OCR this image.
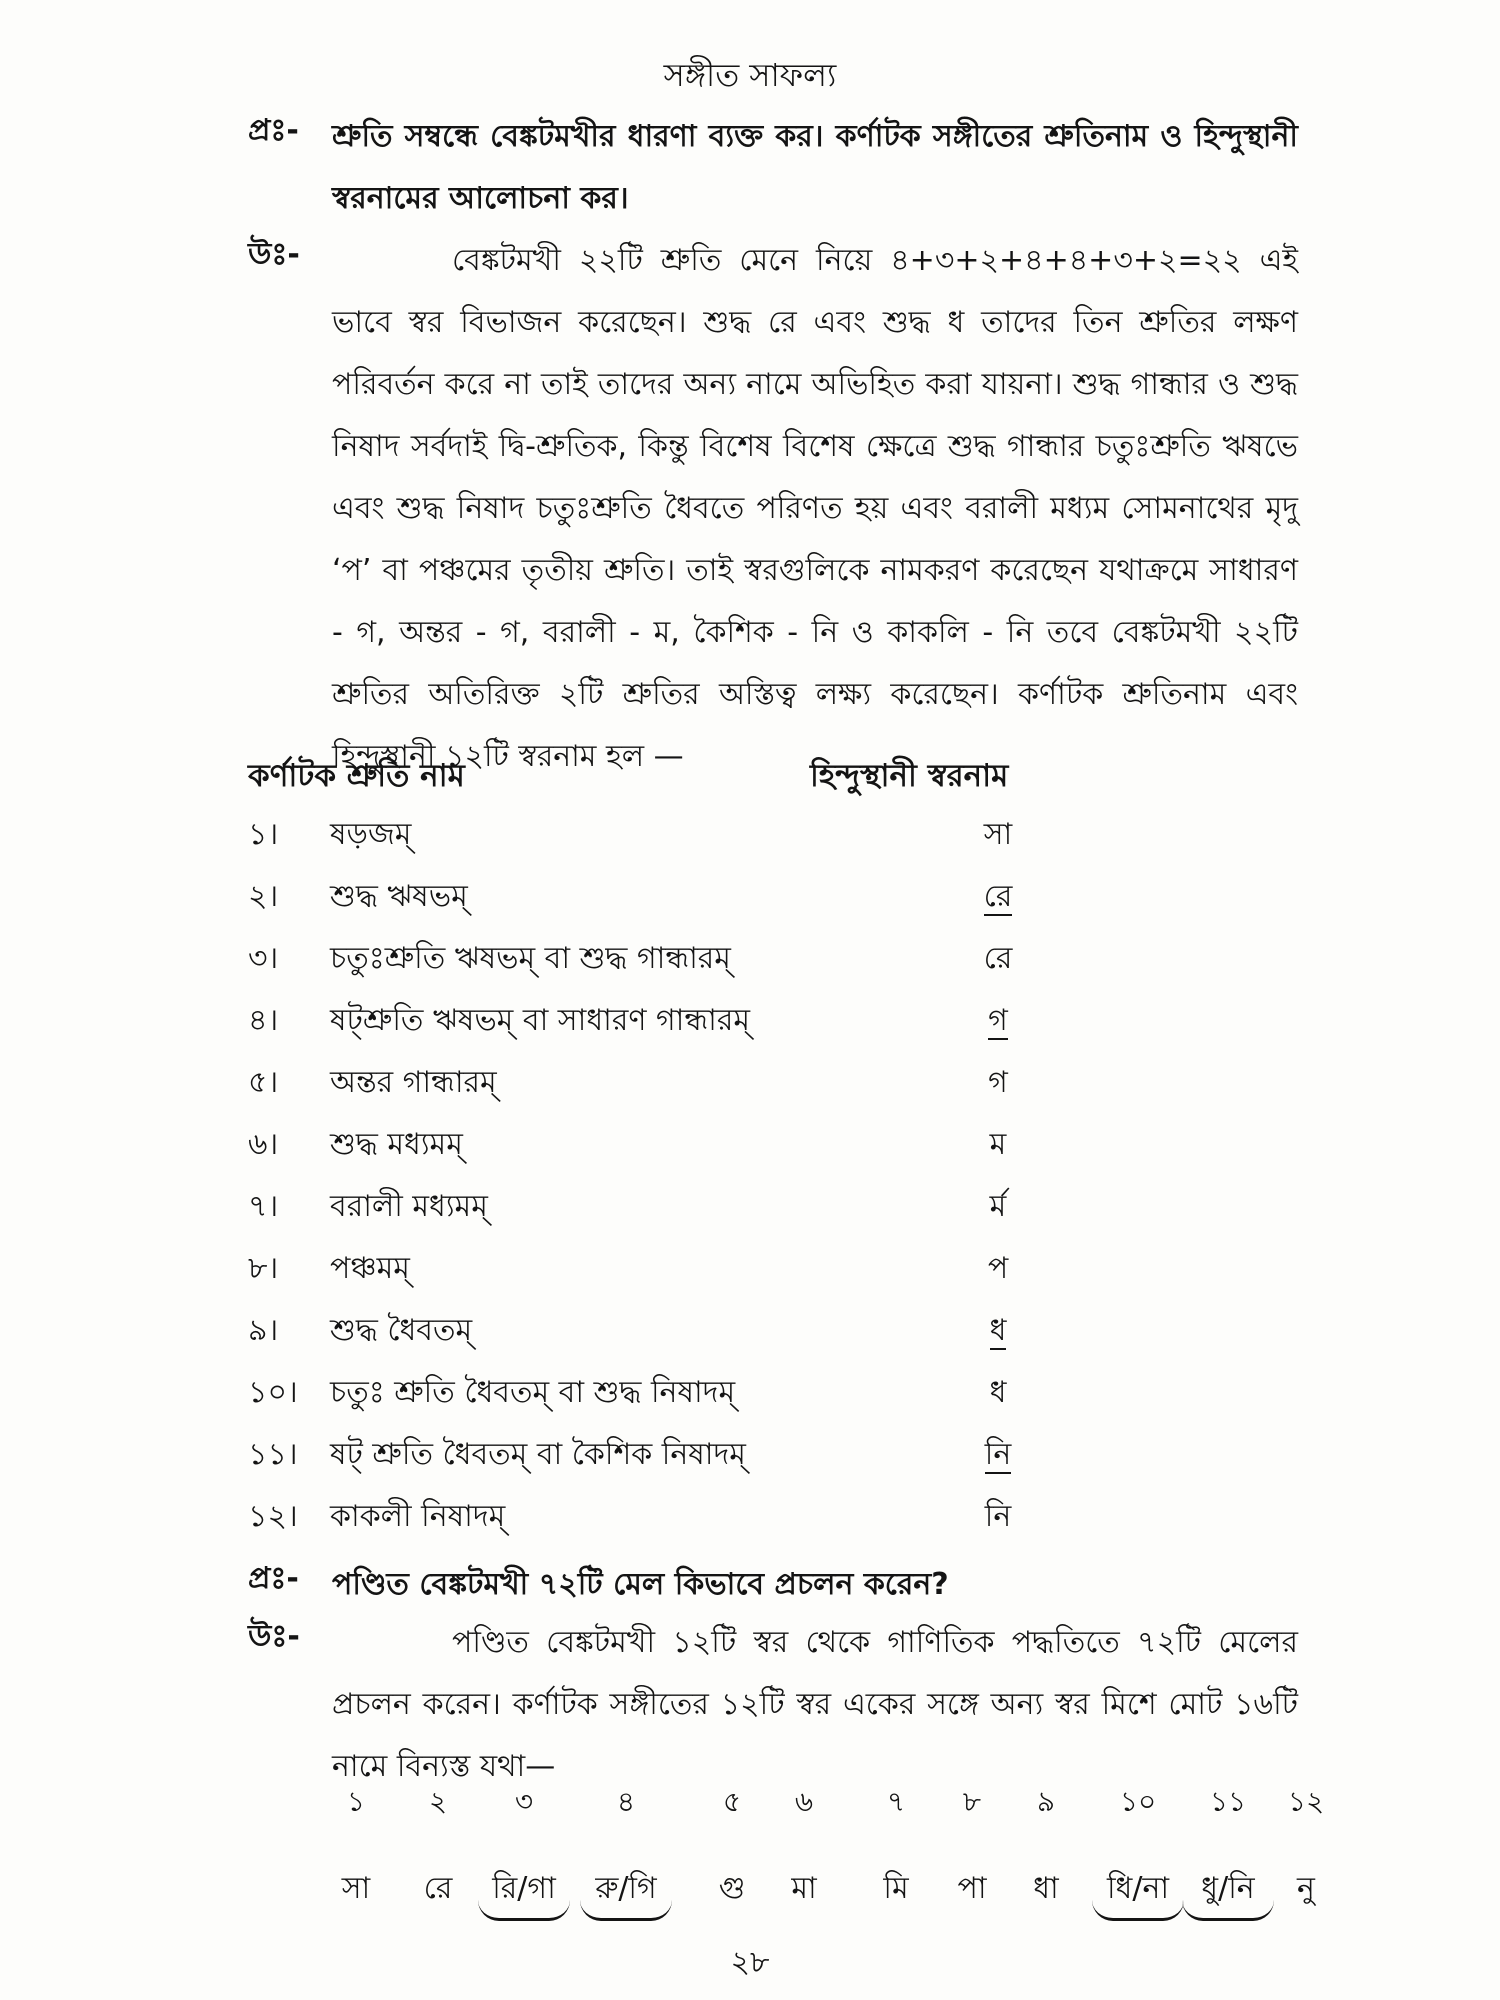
সঙ্গীত সাফল্য
প্রঃ- শ্রুতি সম্বন্ধে বেঙ্কটমখীর ধারণা ব্যক্ত কর। কর্ণাটক সঙ্গীতের শ্রুতিনাম ও হিন্দুস্থানী স্বরনামের আলোচনা কর।
উঃ-	বেঙ্কটমখী ২২টি শ্রুতি মেনে নিয়ে ৪+৩+২+৪+৪+৩+২=২২ এই ভাবে স্বর বিভাজন করেছেন। শুদ্ধ রে এবং শুদ্ধ ধ তাদের তিন শ্রুতির লক্ষণ পরিবর্তন করে না তাই তাদের অন্য নামে অভিহিত করা যায়না। শুদ্ধ গান্ধার ও শুদ্ধ নিষাদ সর্বদাই দ্বি-শ্রুতিক, কিন্তু বিশেষ বিশেষ ক্ষেত্রে শুদ্ধ গান্ধার চতুঃশ্রুতি ঋষভে এবং শুদ্ধ নিষাদ চতুঃশ্রুতি ধৈবতে পরিণত হয় এবং বরালী মধ্যম সোমনাথের মৃদু ‘প’ বা পঞ্চমের তৃতীয় শ্রুতি। তাই স্বরগুলিকে নামকরণ করেছেন যথাক্রমে সাধারণ - গ, অন্তর - গ, বরালী - ম, কৈশিক - নি ও কাকলি - নি তবে বেঙ্কটমখী ২২টি শ্রুতির অতিরিক্ত ২টি শ্রুতির অস্তিত্ব লক্ষ্য করেছেন। কর্ণাটক শ্রুতিনাম এবং হিন্দুস্থানী ১২টি স্বরনাম হল —
কর্ণাটক শ্রুতি নাম	হিন্দুস্থানী স্বরনাম
১।	ষড়জম্	সা
২।	শুদ্ধ ঋষভম্	রে
৩।	চতুঃশ্রুতি ঋষভম্ বা শুদ্ধ গান্ধারম্	রে
৪।	ষট্শ্রুতি ঋষভম্ বা সাধারণ গান্ধারম্	গ
৫।	অন্তর গান্ধারম্	গ
৬।	শুদ্ধ মধ্যমম্	ম
৭।	বরালী মধ্যমম্	র্ম
৮।	পঞ্চমম্	প
৯।	শুদ্ধ ধৈবতম্	ধ
১০।	চতুঃ শ্রুতি ধৈবতম্ বা শুদ্ধ নিষাদম্	ধ
১১।	ষট্ শ্রুতি ধৈবতম্ বা কৈশিক নিষাদম্	নি
১২।	কাকলী নিষাদম্	নি
প্রঃ- পণ্ডিত বেঙ্কটমখী ৭২টি মেল কিভাবে প্রচলন করেন?
উঃ-	পণ্ডিত বেঙ্কটমখী ১২টি স্বর থেকে গাণিতিক পদ্ধতিতে ৭২টি মেলের প্রচলন করেন। কর্ণাটক সঙ্গীতের ১২টি স্বর একের সঙ্গে অন্য স্বর মিশে মোট ১৬টি নামে বিন্যস্ত যথা—
১	২	৩	৪	৫	৬	৭	৮	৯	১০	১১	১২
সা	রে	রি/গা	রু/গি	গু	মা	মি	পা	ধা	ধি/না	ধু/নি	নু
২৮
